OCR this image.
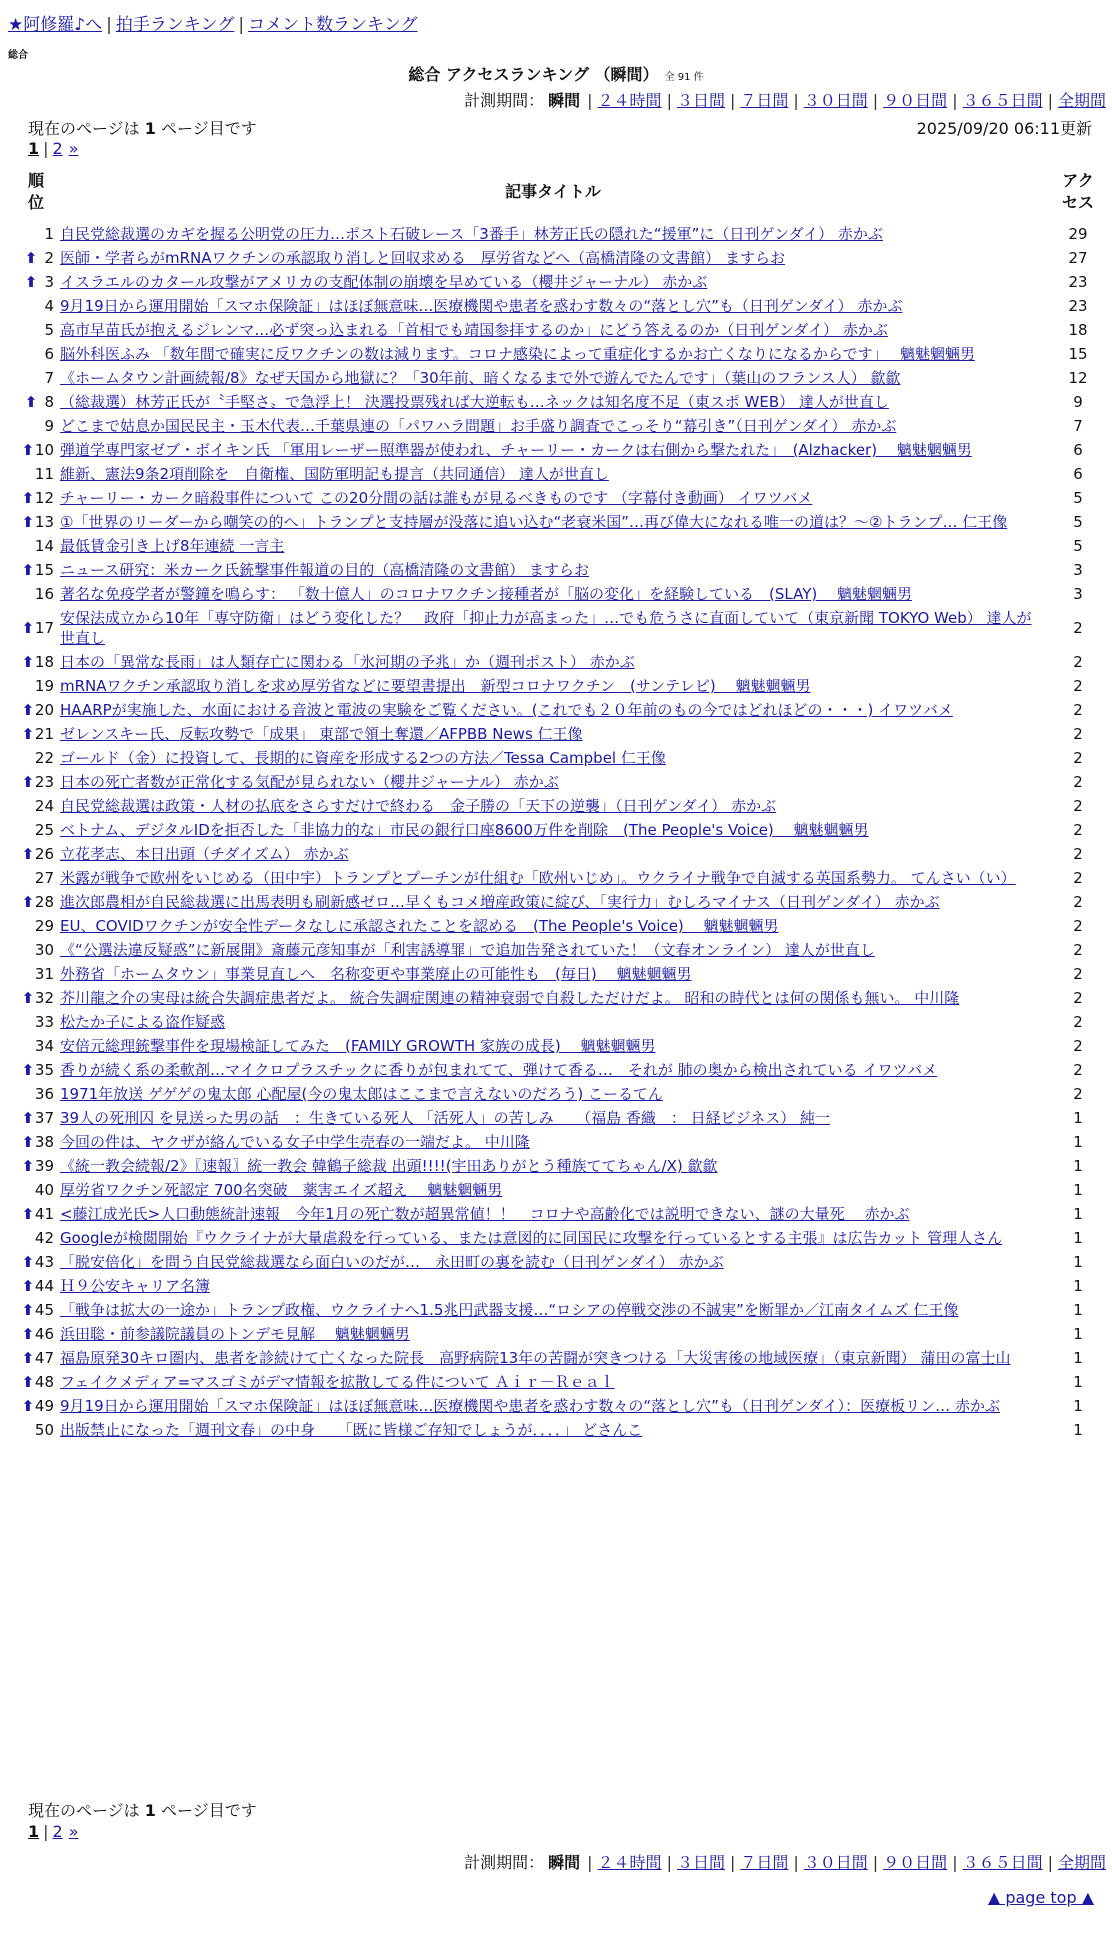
★阿修羅♪へ | 拍手ランキング | コメント数ランキング
総合
総合 アクセスランキング （瞬間） 全 91 件
計測期間： 瞬間 | ２４時間 | ３日間 | ７日間 | ３０日間 | ９０日間 | ３６５日間 | 全期間
現在のページは 1 ページ目です	2025/09/20 06:11更新
1 | 2 »
順位	記事タイトル	アクセス
1	自民党総裁選のカギを握る公明党の圧力…ポスト石破レース「3番手」林芳正氏の隠れた“援軍”に（日刊ゲンダイ） 赤かぶ	29
⬆ 2	医師・学者らがmRNAワクチンの承認取り消しと回収求める　厚労省などへ（高橋清隆の文書館） ますらお	27
⬆ 3	イスラエルのカタール攻撃がアメリカの支配体制の崩壊を早めている（櫻井ジャーナル） 赤かぶ	23
4	9月19日から運用開始「スマホ保険証」はほぼ無意味…医療機関や患者を惑わす数々の“落とし穴”も（日刊ゲンダイ） 赤かぶ	23
5	高市早苗氏が抱えるジレンマ…必ず突っ込まれる「首相でも靖国参拝するのか」にどう答えるのか（日刊ゲンダイ） 赤かぶ	18
6	脳外科医ふみ 「数年間で確実に反ワクチンの数は減ります。コロナ感染によって重症化するかお亡くなりになるからです」　 魑魅魍魎男	15
7	《ホームタウン計画続報/8》なぜ天国から地獄に？「30年前、暗くなるまで外で遊んでたんです」（葉山のフランス人） 歙歙	12
⬆ 8	（総裁選）林芳正氏が〝手堅さ〟で急浮上！ 決選投票残れば大逆転も…ネックは知名度不足（東スポ WEB） 達人が世直し	9
9	どこまで姑息か国民民主・玉木代表…千葉県連の「パワハラ問題」お手盛り調査でこっそり“幕引き”（日刊ゲンダイ） 赤かぶ	7
⬆10	弾道学専門家ゼブ・ボイキン氏 「軍用レーザー照準器が使われ、チャーリー・カークは右側から撃たれた」　(Alzhacker)　 魑魅魍魎男	6
11	維新、憲法9条2項削除を　自衛権、国防軍明記も提言（共同通信） 達人が世直し	6
⬆12	チャーリー・カーク暗殺事件について この20分間の話は誰もが見るべきものです （字幕付き動画） イワツバメ	5
⬆13	①「世界のリーダーから嘲笑の的へ」トランプと支持層が没落に追い込む“老衰米国”…再び偉大になれる唯一の道は？～②トランプ… 仁王像	5
14	最低賃金引き上げ8年連続 一言主	5
⬆15	ニュース研究：米カーク氏銃撃事件報道の目的（高橋清隆の文書館） ますらお	3
16	著名な免疫学者が警鐘を鳴らす： 「数十億人」のコロナワクチン接種者が「脳の変化」を経験している　(SLAY)　 魑魅魍魎男	3
⬆17	安保法成立から10年「専守防衛」はどう変化した？　政府「抑止力が高まった」…でも危うさに直面していて（東京新聞 TOKYO Web） 達人が世直し	2
⬆18	日本の「異常な長雨」は人類存亡に関わる「氷河期の予兆」か（週刊ポスト） 赤かぶ	2
19	mRNAワクチン承認取り消しを求め厚労省などに要望書提出　新型コロナワクチン　(サンテレビ)　 魑魅魍魎男	2
⬆20	HAARPが実施した、水面における音波と電波の実験をご覧ください。(これでも２０年前のもの今ではどれほどの・・・) イワツバメ	2
⬆21	ゼレンスキー氏、反転攻勢で「成果」 東部で領土奪還／AFPBB News 仁王像	2
22	ゴールド（金）に投資して、長期的に資産を形成する2つの方法／Tessa Campbel 仁王像	2
⬆23	日本の死亡者数が正常化する気配が見られない（櫻井ジャーナル） 赤かぶ	2
24	自民党総裁選は政策・人材の払底をさらすだけで終わる　金子勝の「天下の逆襲」（日刊ゲンダイ） 赤かぶ	2
25	ベトナム、デジタルIDを拒否した「非協力的な」市民の銀行口座8600万件を削除　(The People's Voice)　 魑魅魍魎男	2
⬆26	立花孝志、本日出頭（チダイズム） 赤かぶ	2
27	米露が戦争で欧州をいじめる（田中宇）トランプとプーチンが仕組む「欧州いじめ」。ウクライナ戦争で自滅する英国系勢力。 てんさい（い）	2
⬆28	進次郎農相が自民総裁選に出馬表明も刷新感ゼロ…早くもコメ増産政策に綻び、「実行力」むしろマイナス（日刊ゲンダイ） 赤かぶ	2
29	EU、COVIDワクチンが安全性データなしに承認されたことを認める　(The People's Voice)　 魑魅魍魎男	2
30	《“公選法違反疑惑”に新展開》斎藤元彦知事が「利害誘導罪」で追加告発されていた！（文春オンライン） 達人が世直し	2
31	外務省「ホームタウン」事業見直しへ　名称変更や事業廃止の可能性も　(毎日)　 魑魅魍魎男	2
⬆32	芥川龍之介の実母は統合失調症患者だよ。 統合失調症関連の精神衰弱で自殺しただけだよ。 昭和の時代とは何の関係も無い。 中川隆	2
33	松たか子による盗作疑惑	2
34	安倍元総理銃撃事件を現場検証してみた　(FAMILY GROWTH 家族の成長)　 魑魅魍魎男	2
⬆35	香りが続く系の柔軟剤…マイクロプラスチックに香りが包まれてて、弾けて香る…　それが 肺の奥から検出されている イワツバメ	2
36	1971年放送 ゲゲゲの鬼太郎 心配屋(今の鬼太郎はここまで言えないのだろう) こーるてん	2
⬆37	39人の死刑囚 を見送った男の話　：生きている死人 「活死人」の苦しみ　　（福島 香織　： 日経ビジネス） 純一	1
⬆38	今回の件は、ヤクザが絡んでいる女子中学生売春の一端だよ。 中川隆	1
⬆39	《統一教会続報/2》〖速報〗統一教会 韓鶴子総裁 出頭!!!!(宇田ありがとう種族ててちゃん/X) 歙歙	1
40	厚労省ワクチン死認定 700名突破　薬害エイズ超え　 魑魅魍魎男	1
⬆41	<藤江成光氏>人口動態統計速報　今年1月の死亡数が超異常値！！　コロナや高齢化では説明できない、謎の大量死　 赤かぶ	1
42	Googleが検閲開始『ウクライナが大量虐殺を行っている、または意図的に同国民に攻撃を行っているとする主張』は広告カット 管理人さん	1
⬆43	「脱安倍化」を問う自民党総裁選なら面白いのだが…　永田町の裏を読む（日刊ゲンダイ） 赤かぶ	1
⬆44	Ｈ９公安キャリア名簿	1
⬆45	「戦争は拡大の一途か」トランプ政権、ウクライナへ1.5兆円武器支援…“ロシアの停戦交渉の不誠実”を断罪か／江南タイムズ 仁王像	1
⬆46	浜田聡・前参議院議員のトンデモ見解　 魑魅魍魎男	1
⬆47	福島原発30キロ圏内、患者を診続けて亡くなった院長　高野病院13年の苦闘が突きつける「大災害後の地域医療」（東京新聞） 蒲田の富士山	1
⬆48	フェイクメディア=マスゴミがデマ情報を拡散してる件について Ａｉｒ－Ｒｅａｌ	1
⬆49	9月19日から運用開始「スマホ保険証」はほぼ無意味…医療機関や患者を惑わす数々の“落とし穴”も（日刊ゲンダイ）：医療板リン… 赤かぶ	1
50	出版禁止になった「週刊文春」の中身　　「既に皆様ご存知でしょうが．．．．」 どさんこ	1
現在のページは 1 ページ目です
1 | 2 »
計測期間： 瞬間 | ２４時間 | ３日間 | ７日間 | ３０日間 | ９０日間 | ３６５日間 | 全期間
▲ page top ▲
